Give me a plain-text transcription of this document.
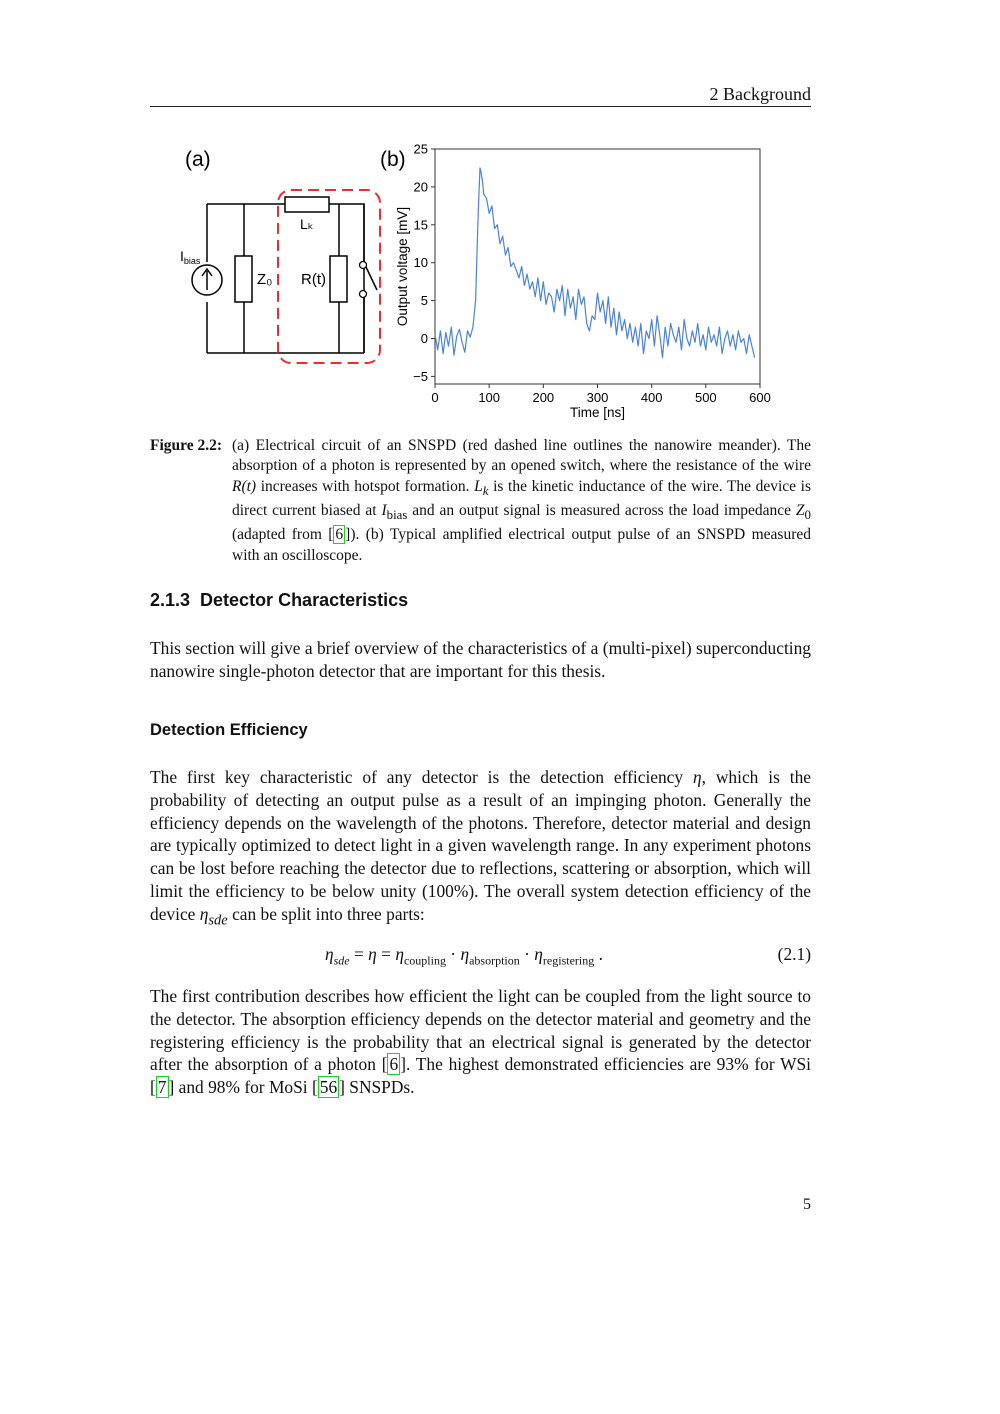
2 Background
(a)
$I_{bias}$
Z₀
Lₖ
R(t)
(b)
0	100 200 300 400 500 600
−5
0
5
10
15
20
25
Time [ns]
Output voltage [mV]
Figure 2.2: (a) Electrical circuit of an SNSPD (red dashed line outlines the nanowire meander). The absorption of a photon is represented by an opened switch, where the resistance of the wire R(t) increases with hotspot formation. $L_k$ is the kinetic inductance of the wire. The device is direct current biased at $I_{bias}$ and an output signal is measured across the load impedance $Z_0$ (adapted from [ 6 ]). (b) Typical amplified electrical output pulse of an SNSPD measured with an oscilloscope.
2.1.3 Detector Characteristics

This section will give a brief overview of the characteristics of a (multi-pixel) superconducting nanowire single-photon detector that are important for this thesis.

Detection Efficiency

The first key characteristic of any detector is the detection efficiency η, which is the probability of detecting an output pulse as a result of an impinging photon. Generally the efficiency depends on the wavelength of the photons. Therefore, detector material and design are typically optimized to detect light in a given wavelength range. In any experiment photons can be lost before reaching the detector due to reflections, scattering or absorption, which will limit the efficiency to be below unity (100%). The overall system detection efficiency of the device $\eta_{sde}$ can be split into three parts:

$\eta_{sde} = \eta = \eta_{coupling} \cdot \eta_{absorption} \cdot \eta_{registering}$ .	(2.1)

The first contribution describes how efficient the light can be coupled from the light source to the detector. The absorption efficiency depends on the detector material and geometry and the registering efficiency is the probability that an electrical signal is generated by the detector after the absorption of a photon [ 6 ]. The highest demonstrated efficiencies are 93% for WSi [ 7 ] and 98% for MoSi [ 56 ] SNSPDs.

5
